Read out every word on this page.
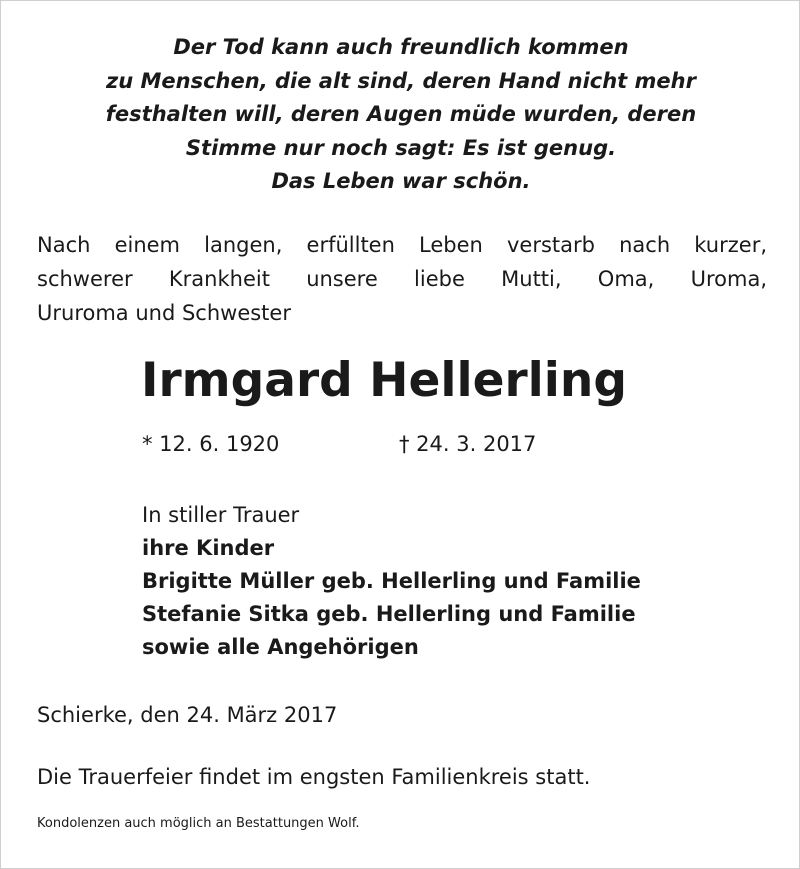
Der Tod kann auch freundlich kommen
zu Menschen, die alt sind, deren Hand nicht mehr
festhalten will, deren Augen müde wurden, deren
Stimme nur noch sagt: Es ist genug.
Das Leben war schön.
Nach einem langen, erfüllten Leben verstarb nach kurzer,
schwerer Krankheit unsere liebe Mutti, Oma, Uroma,
Ururoma und Schwester
Irmgard Hellerling
* 12. 6. 1920	† 24. 3. 2017
In stiller Trauer
ihre Kinder
Brigitte Müller geb. Hellerling und Familie
Stefanie Sitka geb. Hellerling und Familie
sowie alle Angehörigen
Schierke, den 24. März 2017
Die Trauerfeier findet im engsten Familienkreis statt.
Kondolenzen auch möglich an Bestattungen Wolf.
